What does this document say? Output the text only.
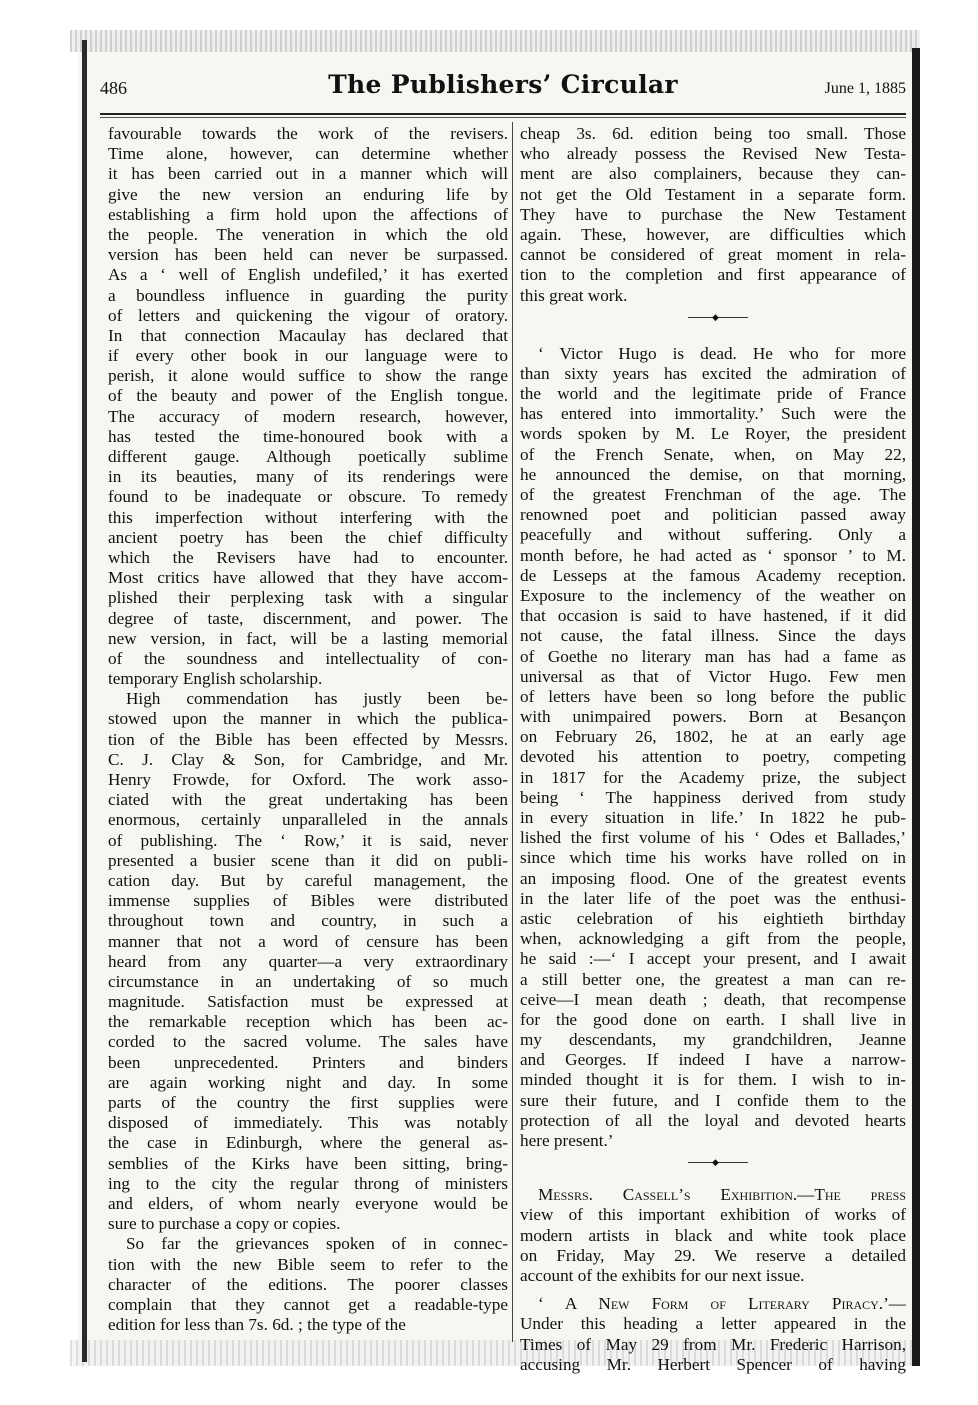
486	The Publishers’ Circular	June 1, 1885
favourable towards the work of the revisers.
Time alone, however, can determine whether
it has been carried out in a manner which will
give the new version an enduring life by
establishing a firm hold upon the affections of
the people. The veneration in which the old
version has been held can never be surpassed.
As a ‘ well of English undefiled,’ it has exerted
a boundless influence in guarding the purity
of letters and quickening the vigour of oratory.
In that connection Macaulay has declared that
if every other book in our language were to
perish, it alone would suffice to show the range
of the beauty and power of the English tongue.
The accuracy of modern research, however,
has tested the time-honoured book with a
different gauge. Although poetically sublime
in its beauties, many of its renderings were
found to be inadequate or obscure. To remedy
this imperfection without interfering with the
ancient poetry has been the chief difficulty
which the Revisers have had to encounter.
Most critics have allowed that they have accom-
plished their perplexing task with a singular
degree of taste, discernment, and power. The
new version, in fact, will be a lasting memorial
of the soundness and intellectuality of con-
temporary English scholarship.
High commendation has justly been be-
stowed upon the manner in which the publica-
tion of the Bible has been effected by Messrs.
C. J. Clay & Son, for Cambridge, and Mr.
Henry Frowde, for Oxford. The work asso-
ciated with the great undertaking has been
enormous, certainly unparalleled in the annals
of publishing. The ‘ Row,’ it is said, never
presented a busier scene than it did on publi-
cation day. But by careful management, the
immense supplies of Bibles were distributed
throughout town and country, in such a
manner that not a word of censure has been
heard from any quarter—a very extraordinary
circumstance in an undertaking of so much
magnitude. Satisfaction must be expressed at
the remarkable reception which has been ac-
corded to the sacred volume. The sales have
been unprecedented. Printers and binders
are again working night and day. In some
parts of the country the first supplies were
disposed of immediately. This was notably
the case in Edinburgh, where the general as-
semblies of the Kirks have been sitting, bring-
ing to the city the regular throng of ministers
and elders, of whom nearly everyone would be
sure to purchase a copy or copies.
So far the grievances spoken of in connec-
tion with the new Bible seem to refer to the
character of the editions. The poorer classes
complain that they cannot get a readable-type
edition for less than 7s. 6d. ; the type of the
cheap 3s. 6d. edition being too small. Those
who already possess the Revised New Testa-
ment are also complainers, because they can-
not get the Old Testament in a separate form.
They have to purchase the New Testament
again. These, however, are difficulties which
cannot be considered of great moment in rela-
tion to the completion and first appearance of
this great work.
◆
‘ Victor Hugo is dead. He who for more
than sixty years has excited the admiration of
the world and the legitimate pride of France
has entered into immortality.’ Such were the
words spoken by M. Le Royer, the president
of the French Senate, when, on May 22,
he announced the demise, on that morning,
of the greatest Frenchman of the age. The
renowned poet and politician passed away
peacefully and without suffering. Only a
month before, he had acted as ‘ sponsor ’ to M.
de Lesseps at the famous Academy reception.
Exposure to the inclemency of the weather on
that occasion is said to have hastened, if it did
not cause, the fatal illness. Since the days
of Goethe no literary man has had a fame as
universal as that of Victor Hugo. Few men
of letters have been so long before the public
with unimpaired powers. Born at Besançon
on February 26, 1802, he at an early age
devoted his attention to poetry, competing
in 1817 for the Academy prize, the subject
being ‘ The happiness derived from study
in every situation in life.’ In 1822 he pub-
lished the first volume of his ‘ Odes et Ballades,’
since which time his works have rolled on in
an imposing flood. One of the greatest events
in the later life of the poet was the enthusi-
astic celebration of his eightieth birthday
when, acknowledging a gift from the people,
he said :—‘ I accept your present, and I await
a still better one, the greatest a man can re-
ceive—I mean death ; death, that recompense
for the good done on earth. I shall live in
my descendants, my grandchildren, Jeanne
and Georges. If indeed I have a narrow-
minded thought it is for them. I wish to in-
sure their future, and I confide them to the
protection of all the loyal and devoted hearts
here present.’
◆
Messrs. Cassell’s Exhibition.—The press
view of this important exhibition of works of
modern artists in black and white took place
on Friday, May 29. We reserve a detailed
account of the exhibits for our next issue.
‘ A New Form of Literary Piracy.’—
Under this heading a letter appeared in the
Times of May 29 from Mr. Frederic Harrison,
accusing Mr. Herbert Spencer of having
